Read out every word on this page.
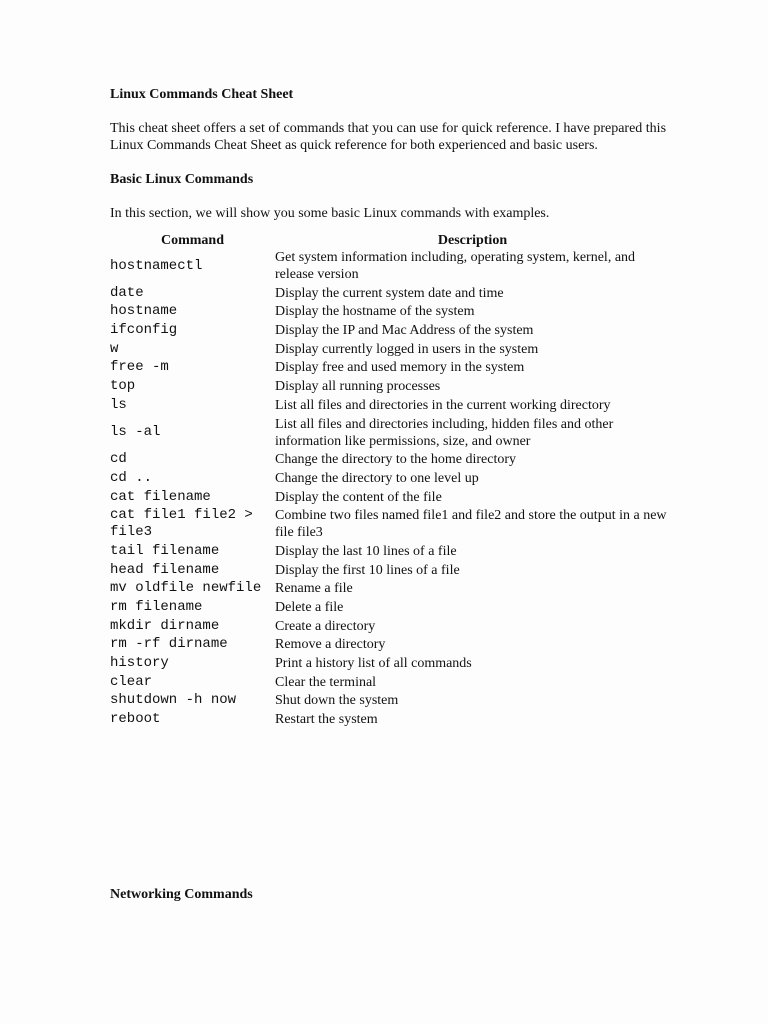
Linux Commands Cheat Sheet
This cheat sheet offers a set of commands that you can use for quick reference. I have prepared this Linux Commands Cheat Sheet as quick reference for both experienced and basic users.
Basic Linux Commands
In this section, we will show you some basic Linux commands with examples.
Command	Description
hostnamectl	Get system information including, operating system, kernel, and release version
date	Display the current system date and time
hostname	Display the hostname of the system
ifconfig	Display the IP and Mac Address of the system
w	Display currently logged in users in the system
free -m	Display free and used memory in the system
top	Display all running processes
ls	List all files and directories in the current working directory
ls -al	List all files and directories including, hidden files and other information like permissions, size, and owner
cd	Change the directory to the home directory
cd ..	Change the directory to one level up
cat filename	Display the content of the file
cat file1 file2 > file3	Combine two files named file1 and file2 and store the output in a new file file3
tail filename	Display the last 10 lines of a file
head filename	Display the first 10 lines of a file
mv oldfile newfile	Rename a file
rm filename	Delete a file
mkdir dirname	Create a directory
rm -rf dirname	Remove a directory
history	Print a history list of all commands
clear	Clear the terminal
shutdown -h now	Shut down the system
reboot	Restart the system
Networking Commands
